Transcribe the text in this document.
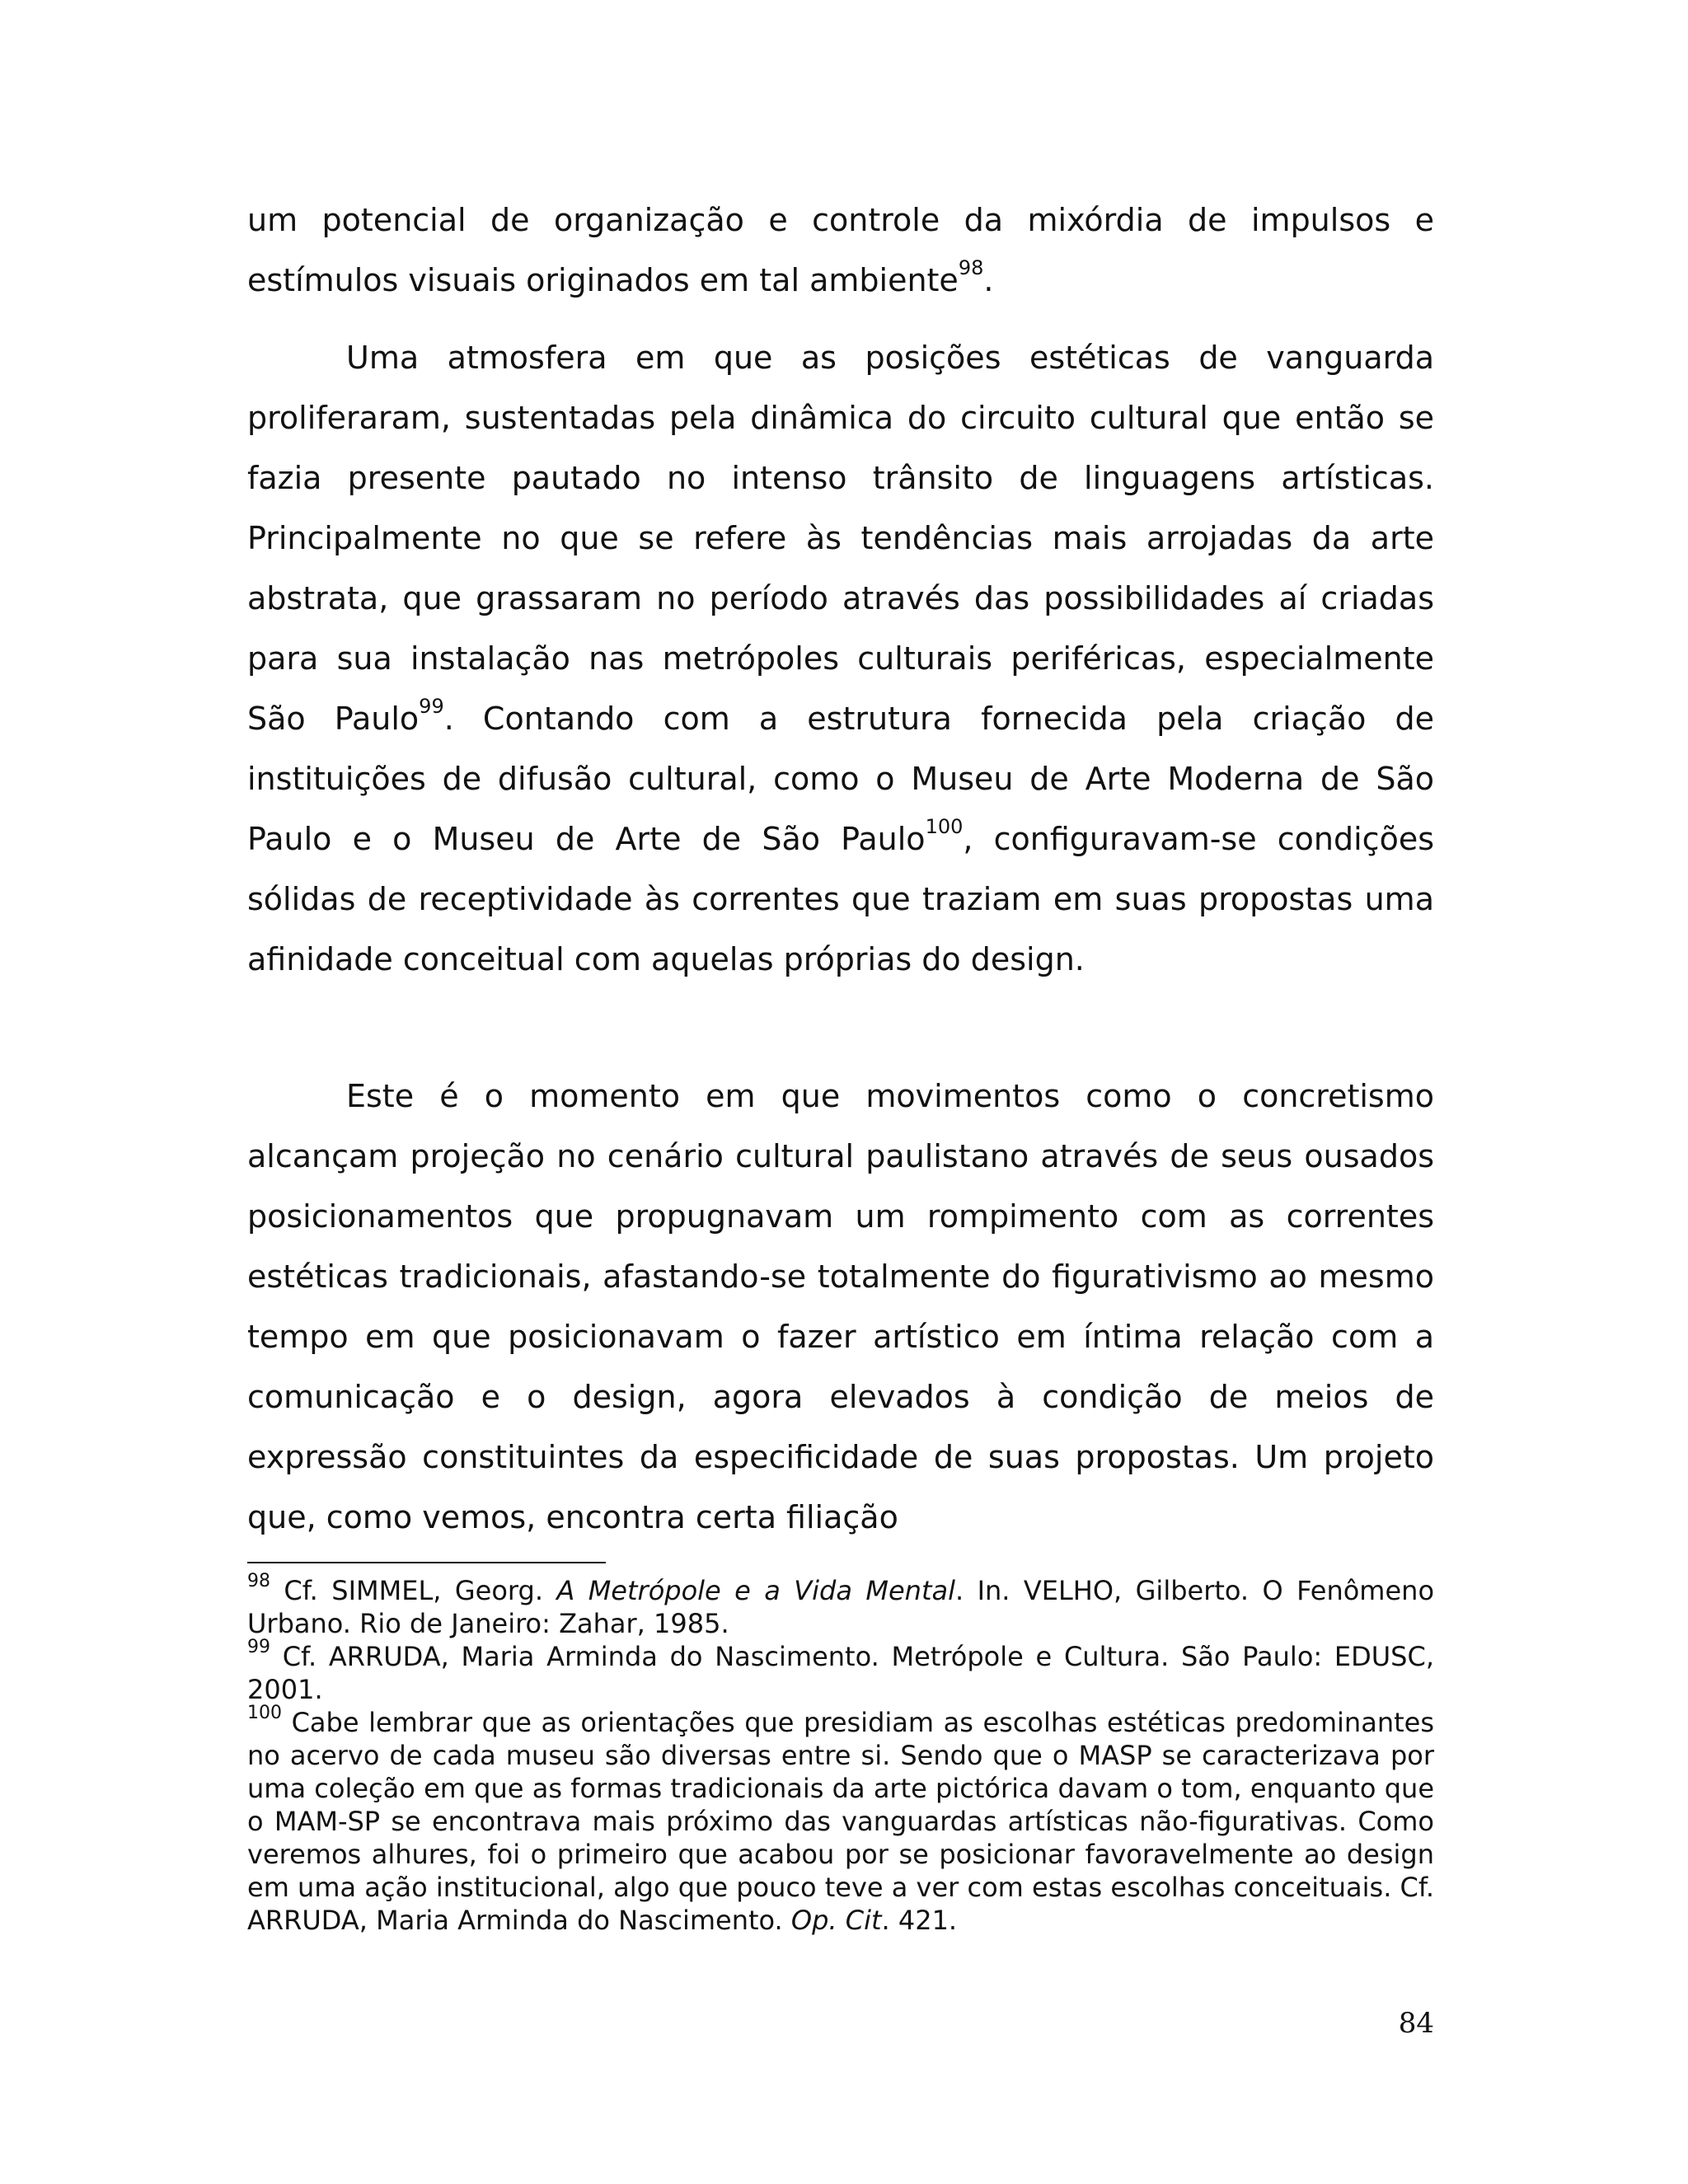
um potencial de organização e controle da mixórdia de impulsos e estímulos visuais originados em tal ambiente$^{98}$.

Uma atmosfera em que as posições estéticas de vanguarda proliferaram, sustentadas pela dinâmica do circuito cultural que então se fazia presente pautado no intenso trânsito de linguagens artísticas. Principalmente no que se refere às tendências mais arrojadas da arte abstrata, que grassaram no período através das possibilidades aí criadas para sua instalação nas metrópoles culturais periféricas, especialmente São Paulo$^{99}$. Contando com a estrutura fornecida pela criação de instituições de difusão cultural, como o Museu de Arte Moderna de São Paulo e o Museu de Arte de São Paulo$^{100}$, configuravam-se condições sólidas de receptividade às correntes que traziam em suas propostas uma afinidade conceitual com aquelas próprias do design.

Este é o momento em que movimentos como o concretismo alcançam projeção no cenário cultural paulistano através de seus ousados posicionamentos que propugnavam um rompimento com as correntes estéticas tradicionais, afastando-se totalmente do figurativismo ao mesmo tempo em que posicionavam o fazer artístico em íntima relação com a comunicação e o design, agora elevados à condição de meios de expressão constituintes da especificidade de suas propostas. Um projeto que, como vemos, encontra certa filiação

$^{98}$ Cf. SIMMEL, Georg. A Metrópole e a Vida Mental. In. VELHO, Gilberto. O Fenômeno Urbano. Rio de Janeiro: Zahar, 1985.

$^{99}$ Cf. ARRUDA, Maria Arminda do Nascimento. Metrópole e Cultura. São Paulo: EDUSC, 2001.

$^{100}$ Cabe lembrar que as orientações que presidiam as escolhas estéticas predominantes no acervo de cada museu são diversas entre si. Sendo que o MASP se caracterizava por uma coleção em que as formas tradicionais da arte pictórica davam o tom, enquanto que o MAM-SP se encontrava mais próximo das vanguardas artísticas não-figurativas. Como veremos alhures, foi o primeiro que acabou por se posicionar favoravelmente ao design em uma ação institucional, algo que pouco teve a ver com estas escolhas conceituais. Cf. ARRUDA, Maria Arminda do Nascimento. Op. Cit. 421.

84
